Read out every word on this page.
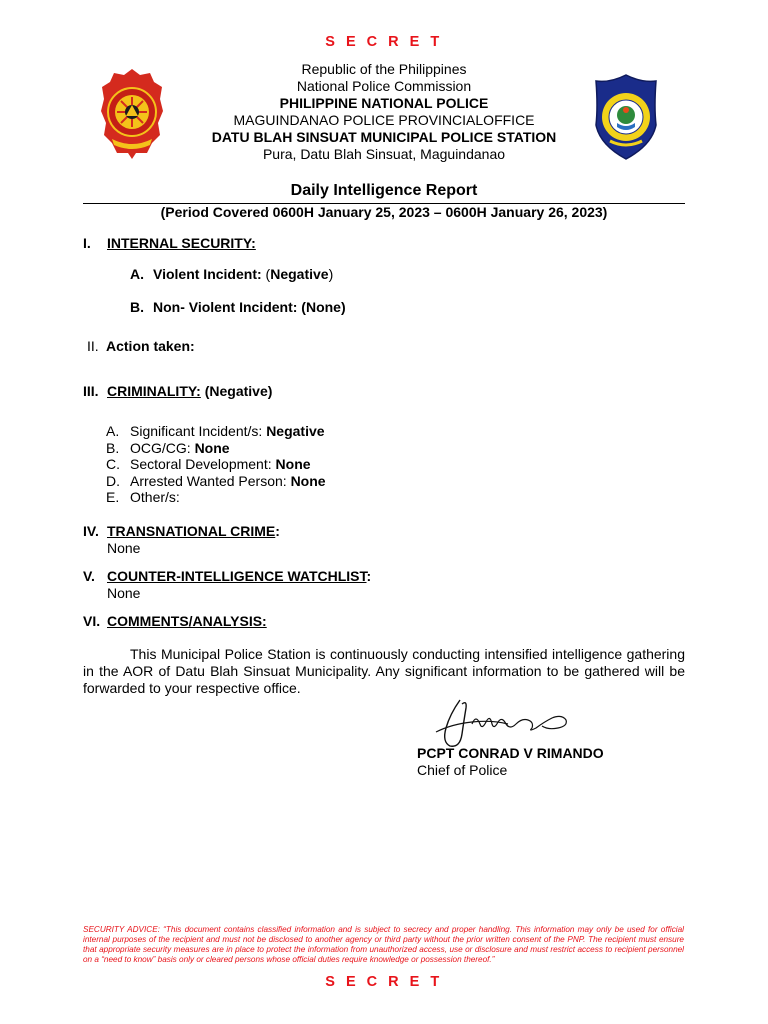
S E C R E T
Republic of the Philippines
National Police Commission
PHILIPPINE NATIONAL POLICE
MAGUINDANAO POLICE PROVINCIALOFFICE
DATU BLAH SINSUAT MUNICIPAL POLICE STATION
Pura, Datu Blah Sinsuat, Maguindanao
Daily Intelligence Report
(Period Covered 0600H January 25, 2023 – 0600H January 26, 2023)
I. INTERNAL SECURITY:
A. Violent Incident: (Negative)
B. Non- Violent Incident: (None)
II. Action taken:
III. CRIMINALITY: (Negative)
A. Significant Incident/s: Negative
B. OCG/CG: None
C. Sectoral Development: None
D. Arrested Wanted Person: None
E. Other/s:
IV. TRANSNATIONAL CRIME:
None
V. COUNTER-INTELLIGENCE WATCHLIST:
None
VI. COMMENTS/ANALYSIS:
This Municipal Police Station is continuously conducting intensified intelligence gathering in the AOR of Datu Blah Sinsuat Municipality. Any significant information to be gathered will be forwarded to your respective office.
PCPT CONRAD V RIMANDO
Chief of Police
SECURITY ADVICE: “This document contains classified information and is subject to secrecy and proper handling. This information may only be used for official internal purposes of the recipient and must not be disclosed to another agency or third party without the prior written consent of the PNP. The recipient must ensure that appropriate security measures are in place to protect the information from unauthorized access, use or disclosure and must restrict access to recipient personnel on a “need to know” basis only or cleared persons whose official duties require knowledge or possession thereof.”
S E C R E T
